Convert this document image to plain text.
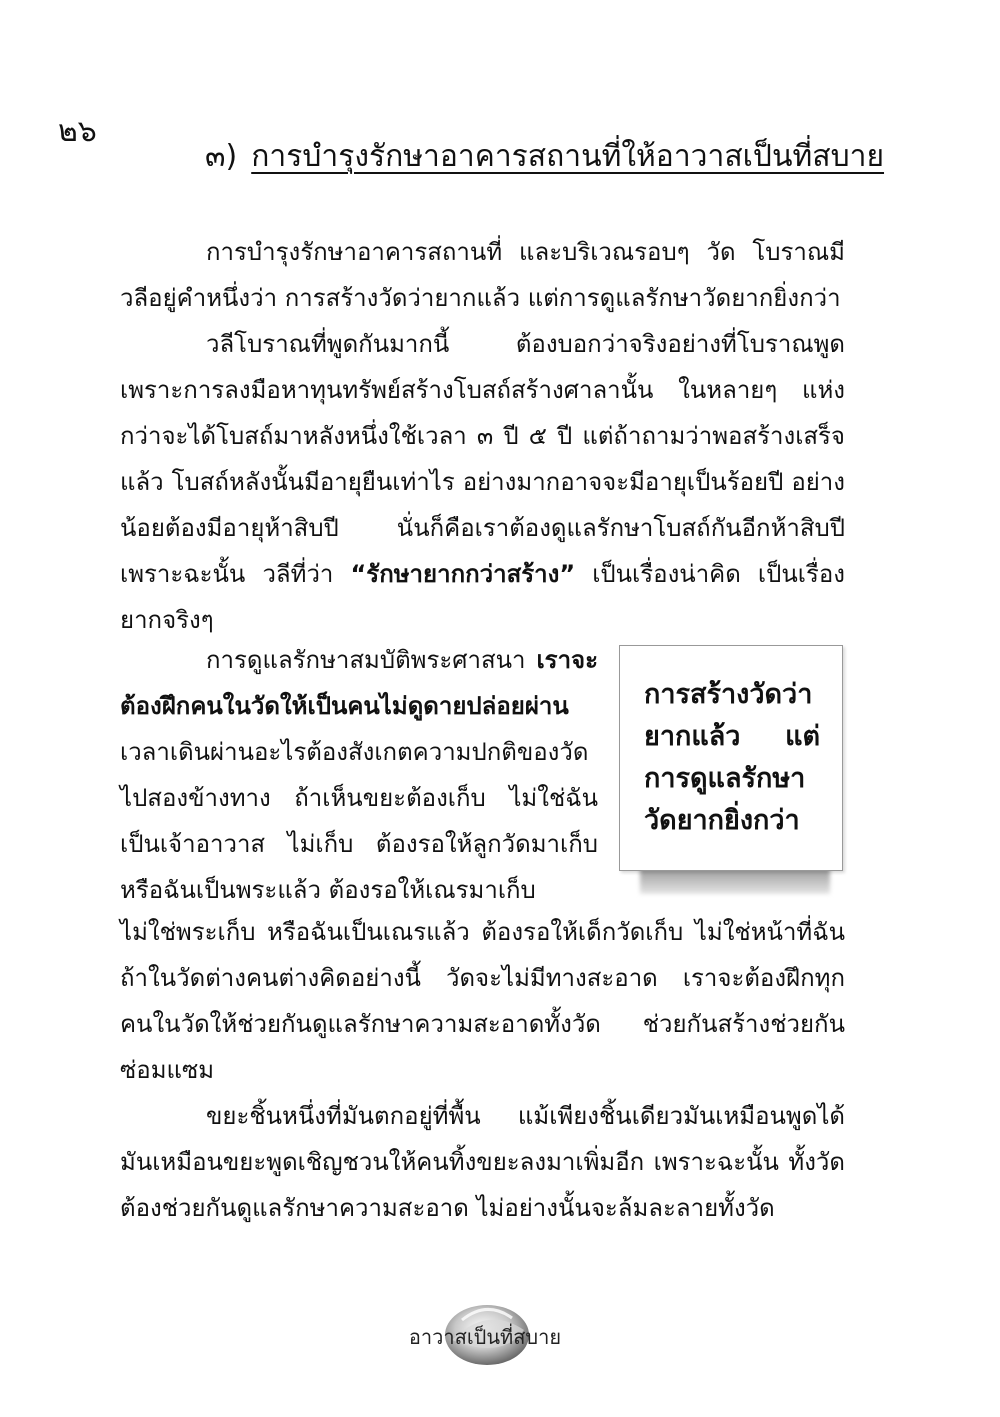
๒๖
๓) การบำรุงรักษาอาคารสถานที่ให้อาวาสเป็นที่สบาย

การบำรุงรักษาอาคารสถานที่ และบริเวณรอบๆ วัด โบราณมีวลีอยู่คำหนึ่งว่า การสร้างวัดว่ายากแล้ว แต่การดูแลรักษาวัดยากยิ่งกว่า

วลีโบราณที่พูดกันมากนี้ ต้องบอกว่าจริงอย่างที่โบราณพูด เพราะการลงมือหาทุนทรัพย์สร้างโบสถ์สร้างศาลานั้น ในหลายๆ แห่งกว่าจะได้โบสถ์มาหลังหนึ่งใช้เวลา ๓ ปี ๕ ปี แต่ถ้าถามว่าพอสร้างเสร็จแล้ว โบสถ์หลังนั้นมีอายุยืนเท่าไร อย่างมากอาจจะมีอายุเป็นร้อยปี อย่างน้อยต้องมีอายุห้าสิบปี นั่นก็คือเราต้องดูแลรักษาโบสถ์กันอีกห้าสิบปี เพราะฉะนั้น วลีที่ว่า “รักษายากกว่าสร้าง” เป็นเรื่องน่าคิด เป็นเรื่องยากจริงๆ

การดูแลรักษาสมบัติพระศาสนา เราจะต้องฝึกคนในวัดให้เป็นคนไม่ดูดายปล่อยผ่าน เวลาเดินผ่านอะไรต้องสังเกตความปกติของวัดไปสองข้างทาง ถ้าเห็นขยะต้องเก็บ ไม่ใช่ฉันเป็นเจ้าอาวาส ไม่เก็บ ต้องรอให้ลูกวัดมาเก็บ หรือฉันเป็นพระแล้ว ต้องรอให้เณรมาเก็บ

ไม่ใช่พระเก็บ หรือฉันเป็นเณรแล้ว ต้องรอให้เด็กวัดเก็บ ไม่ใช่หน้าที่ฉัน ถ้าในวัดต่างคนต่างคิดอย่างนี้ วัดจะไม่มีทางสะอาด เราจะต้องฝึกทุกคนในวัดให้ช่วยกันดูแลรักษาความสะอาดทั้งวัด ช่วยกันสร้างช่วยกันซ่อมแซม

ขยะชิ้นหนึ่งที่มันตกอยู่ที่พื้น แม้เพียงชิ้นเดียวมันเหมือนพูดได้ มันเหมือนขยะพูดเชิญชวนให้คนทิ้งขยะลงมาเพิ่มอีก เพราะฉะนั้น ทั้งวัดต้องช่วยกันดูแลรักษาความสะอาด ไม่อย่างนั้นจะล้มละลายทั้งวัด

การสร้างวัดว่า
ยากแล้ว แต่
การดูแลรักษา
วัดยากยิ่งกว่า
อาวาสเป็นที่สบาย
